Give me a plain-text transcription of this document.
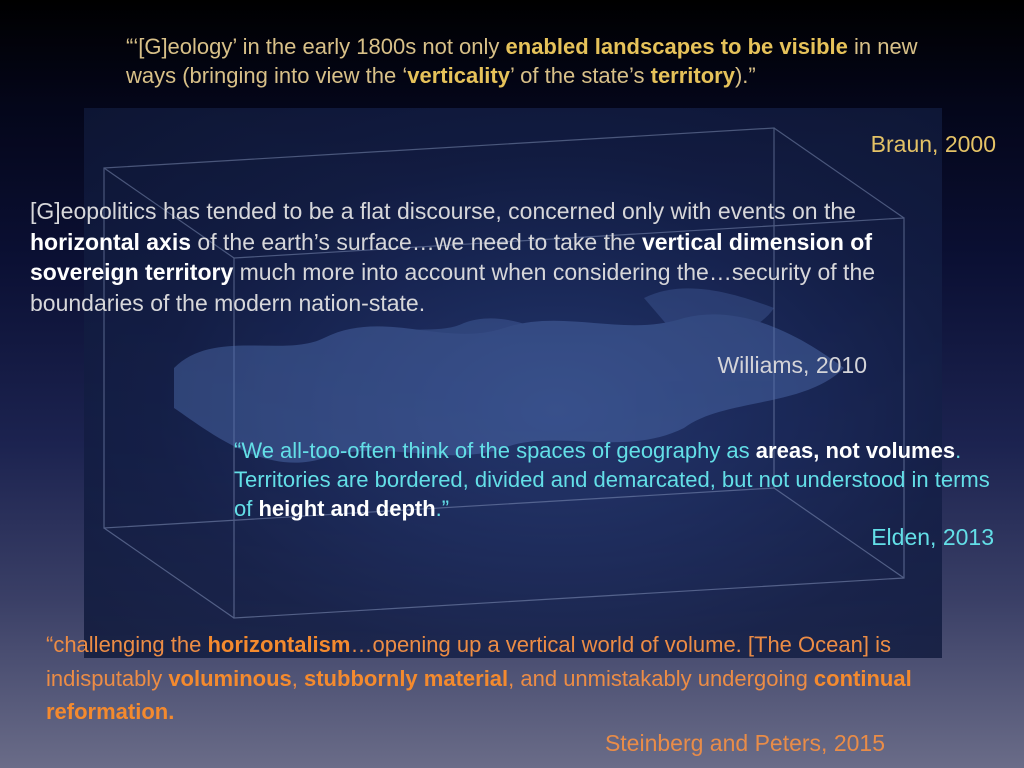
“‘[G]eology’ in the early 1800s not only enabled landscapes to be visible in new ways (bringing into view the ‘verticality’ of the state’s territory).”
Braun, 2000
[G]eopolitics has tended to be a flat discourse, concerned only with events on the horizontal axis of the earth’s surface…we need to take the vertical dimension of sovereign territory much more into account when considering the…security of the boundaries of the modern nation-state.
Williams, 2010
“We all-too-often think of the spaces of geography as areas, not volumes. Territories are bordered, divided and demarcated, but not understood in terms of height and depth.”
Elden, 2013
“challenging the horizontalism…opening up a vertical world of volume. [The Ocean] is indisputably voluminous, stubbornly material, and unmistakably undergoing continual reformation.
Steinberg and Peters, 2015
